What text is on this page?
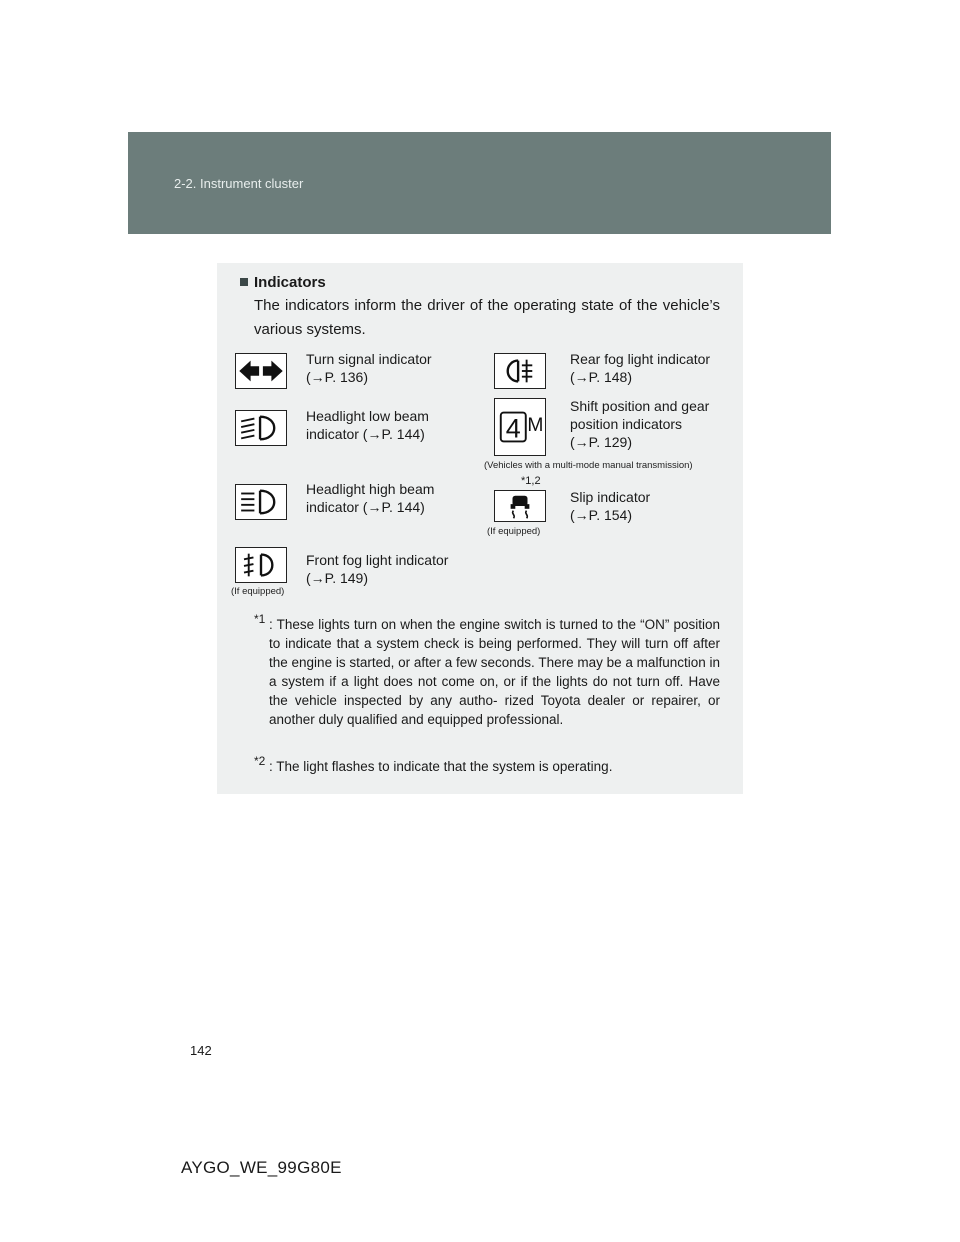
2-2. Instrument cluster
Indicators
The indicators inform the driver of the operating state of the vehicle’s various systems.
Turn signal indicator
(→P. 136)
Rear fog light indicator
(→P. 148)
Headlight low beam
indicator (→P. 144)	4 M
Shift position and gear
position indicators
(→P. 129)
(Vehicles with a multi-mode manual transmission)
Headlight high beam
indicator (→P. 144)
*1,2
Slip indicator
(→P. 154)
(If equipped)
(If equipped)
Front fog light indicator
(→P. 149)
*1 : These lights turn on when the engine switch is turned to the “ON” position to indicate that a system check is being performed. They will turn off after the engine is started, or after a few seconds. There may be a malfunction in a system if a light does not come on, or if the lights do not turn off. Have the vehicle inspected by any autho- rized Toyota dealer or repairer, or another duly qualified and equipped professional.
*2 : The light flashes to indicate that the system is operating.
142
AYGO_WE_99G80E
